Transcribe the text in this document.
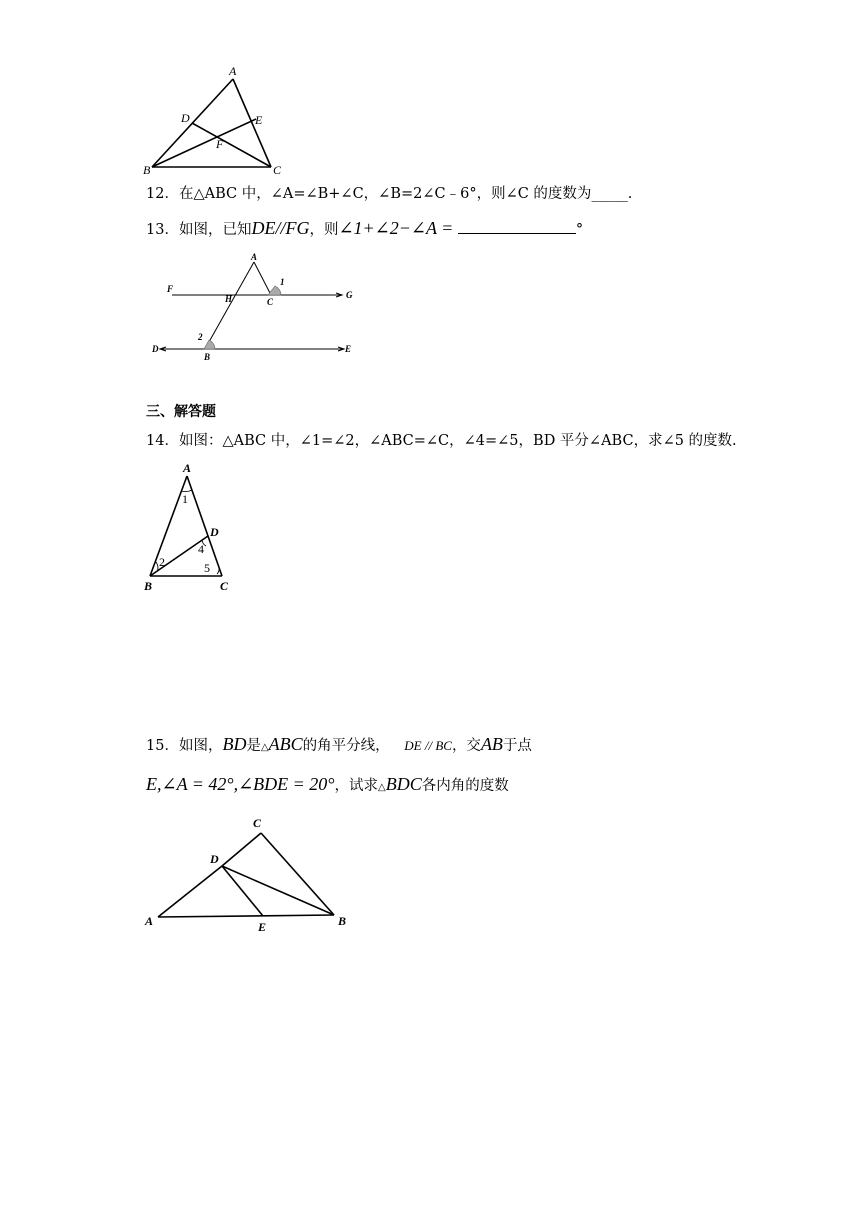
A
D	E
F
B	C
12．在△ABC 中，∠A=∠B+∠C，∠B=2∠C﹣6°，则∠C 的度数为_____.
13．如图，已知DE//FG，则∠1+∠2−∠A =	°
A
1
F
H	C
G
2
D
B
E
三、解答题
14．如图：△ABC 中，∠1=∠2，∠ABC=∠C，∠4=∠5，BD 平分∠ABC，求∠5 的度数.
A
1
D
4
2	5
B	C
15．如图，BD是△ABC的角平分线， DE // BC，交AB于点
E,∠A = 42°,∠BDE = 20°，试求△BDC各内角的度数
C
D
A	E	B
